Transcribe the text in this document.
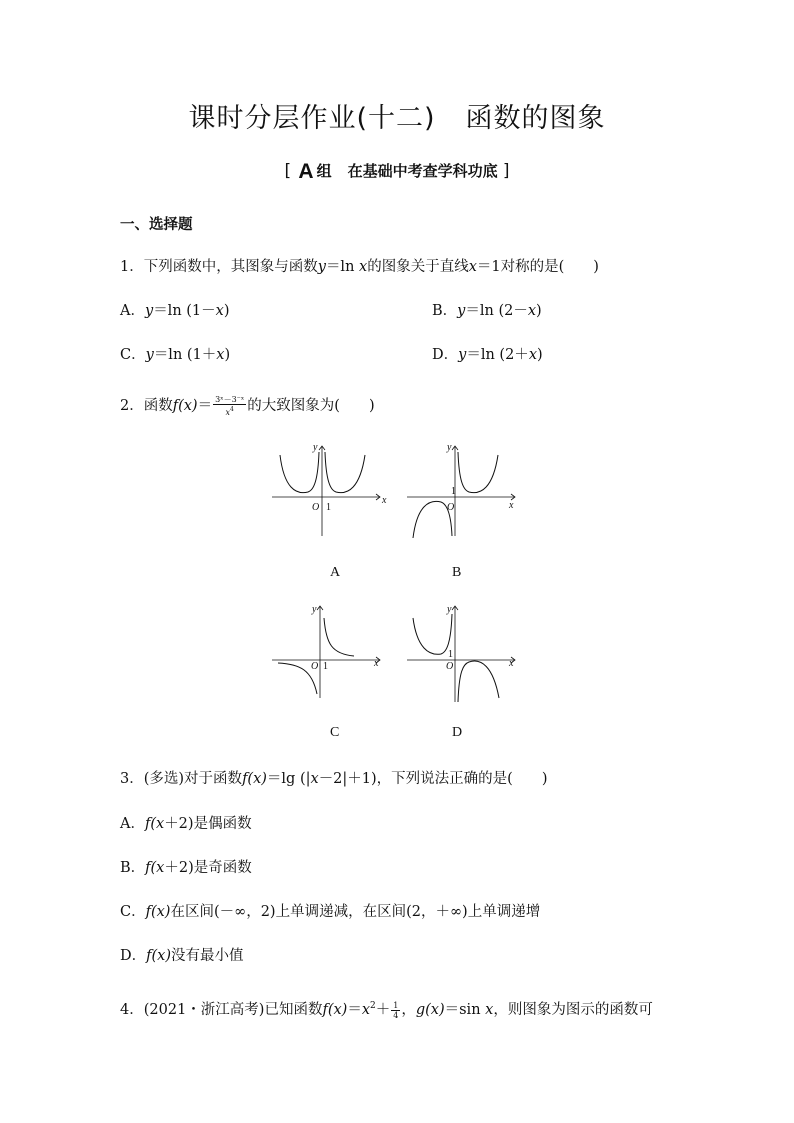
课时分层作业(十二) 函数的图象
[ A 组 在基础中考查学科功底 ]
一、选择题
1．下列函数中，其图象与函数y＝ln x的图象关于直线x＝1对称的是(　　)
A．y＝ln (1－x)	B．y＝ln (2－x)
C．y＝ln (1＋x)	D．y＝ln (2＋x)
2．函数$f(x)= \frac{\text{3ˣ－3⁻ˣ}}{x^4}$ 的大致图象为(　　)
x
y
O 1	x
y
O
1
A	B
x
y
O 1	x
y
O
1
C	D
3．(多选)对于函数f(x)＝lg (|x－2|＋1)，下列说法正确的是(　　)
A．f(x＋2)是偶函数
B．f(x＋2)是奇函数
C．f(x)在区间(－∞，2)上单调递减，在区间(2，＋∞)上单调递增
D．f(x)没有最小值
4．(2021・浙江高考)已知函数$f(x)=x^2+ \frac{1}{4}$ ，g(x)＝sin x，则图象为图示的函数可
